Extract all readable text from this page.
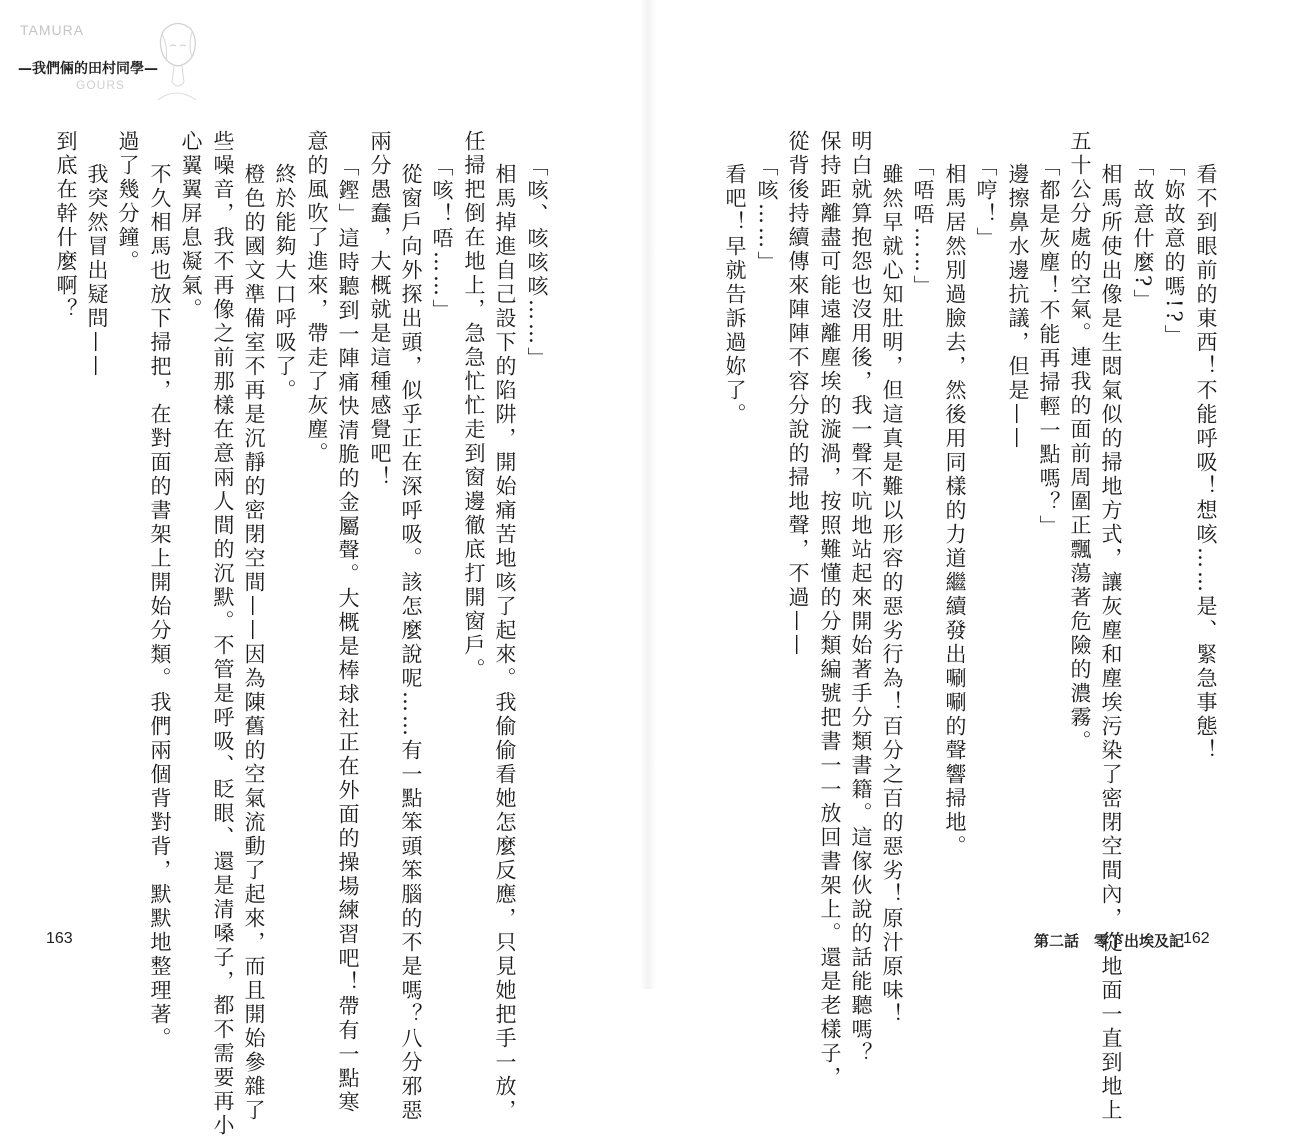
TAMURA
GOURS
—我們倆的田村同學—
看不到眼前的東西！不能呼吸！想咳……是、緊急事態！
「妳故意的嗎!?」
「故意什麼?」
相馬所使出像是生悶氣似的掃地方式，讓灰塵和塵埃污染了密閉空間內，從地面一直到地上
五十公分處的空氣。連我的面前周圍正飄蕩著危險的濃霧。
「都是灰塵！不能再掃輕一點嗎？」
邊擦鼻水邊抗議，但是——
「哼！」
相馬居然別過臉去，然後用同樣的力道繼續發出唰唰的聲響掃地。
「唔唔……」
雖然早就心知肚明，但這真是難以形容的惡劣行為！百分之百的惡劣！原汁原味！
明白就算抱怨也沒用後，我一聲不吭地站起來開始著手分類書籍。這傢伙說的話能聽嗎？
保持距離盡可能遠離塵埃的漩渦，按照難懂的分類編號把書一一放回書架上。還是老樣子，
從背後持續傳來陣陣不容分說的掃地聲，不過——
「咳……」
看吧！早就告訴過妳了。
「咳、咳咳咳……」
相馬掉進自己設下的陷阱，開始痛苦地咳了起來。我偷偷看她怎麼反應，只見她把手一放，
任掃把倒在地上，急急忙忙走到窗邊徹底打開窗戶。
「咳！唔……」
從窗戶向外探出頭，似乎正在深呼吸。該怎麼說呢……有一點笨頭笨腦的不是嗎？八分邪惡
兩分愚蠢，大概就是這種感覺吧！
「鏗」這時聽到一陣痛快清脆的金屬聲。大概是棒球社正在外面的操場練習吧！帶有一點寒
意的風吹了進來，帶走了灰塵。
終於能夠大口呼吸了。
橙色的國文準備室不再是沉靜的密閉空間——因為陳舊的空氣流動了起來，而且開始參雜了
些噪音，我不再像之前那樣在意兩人間的沉默。不管是呼吸、眨眼、還是清嗓子，都不需要再小
心翼翼屏息凝氣。
不久相馬也放下掃把，在對面的書架上開始分類。我們兩個背對背，默默地整理著。
過了幾分鐘。
我突然冒出疑問——
到底在幹什麼啊？
163	第二話　零下出埃及記
162
